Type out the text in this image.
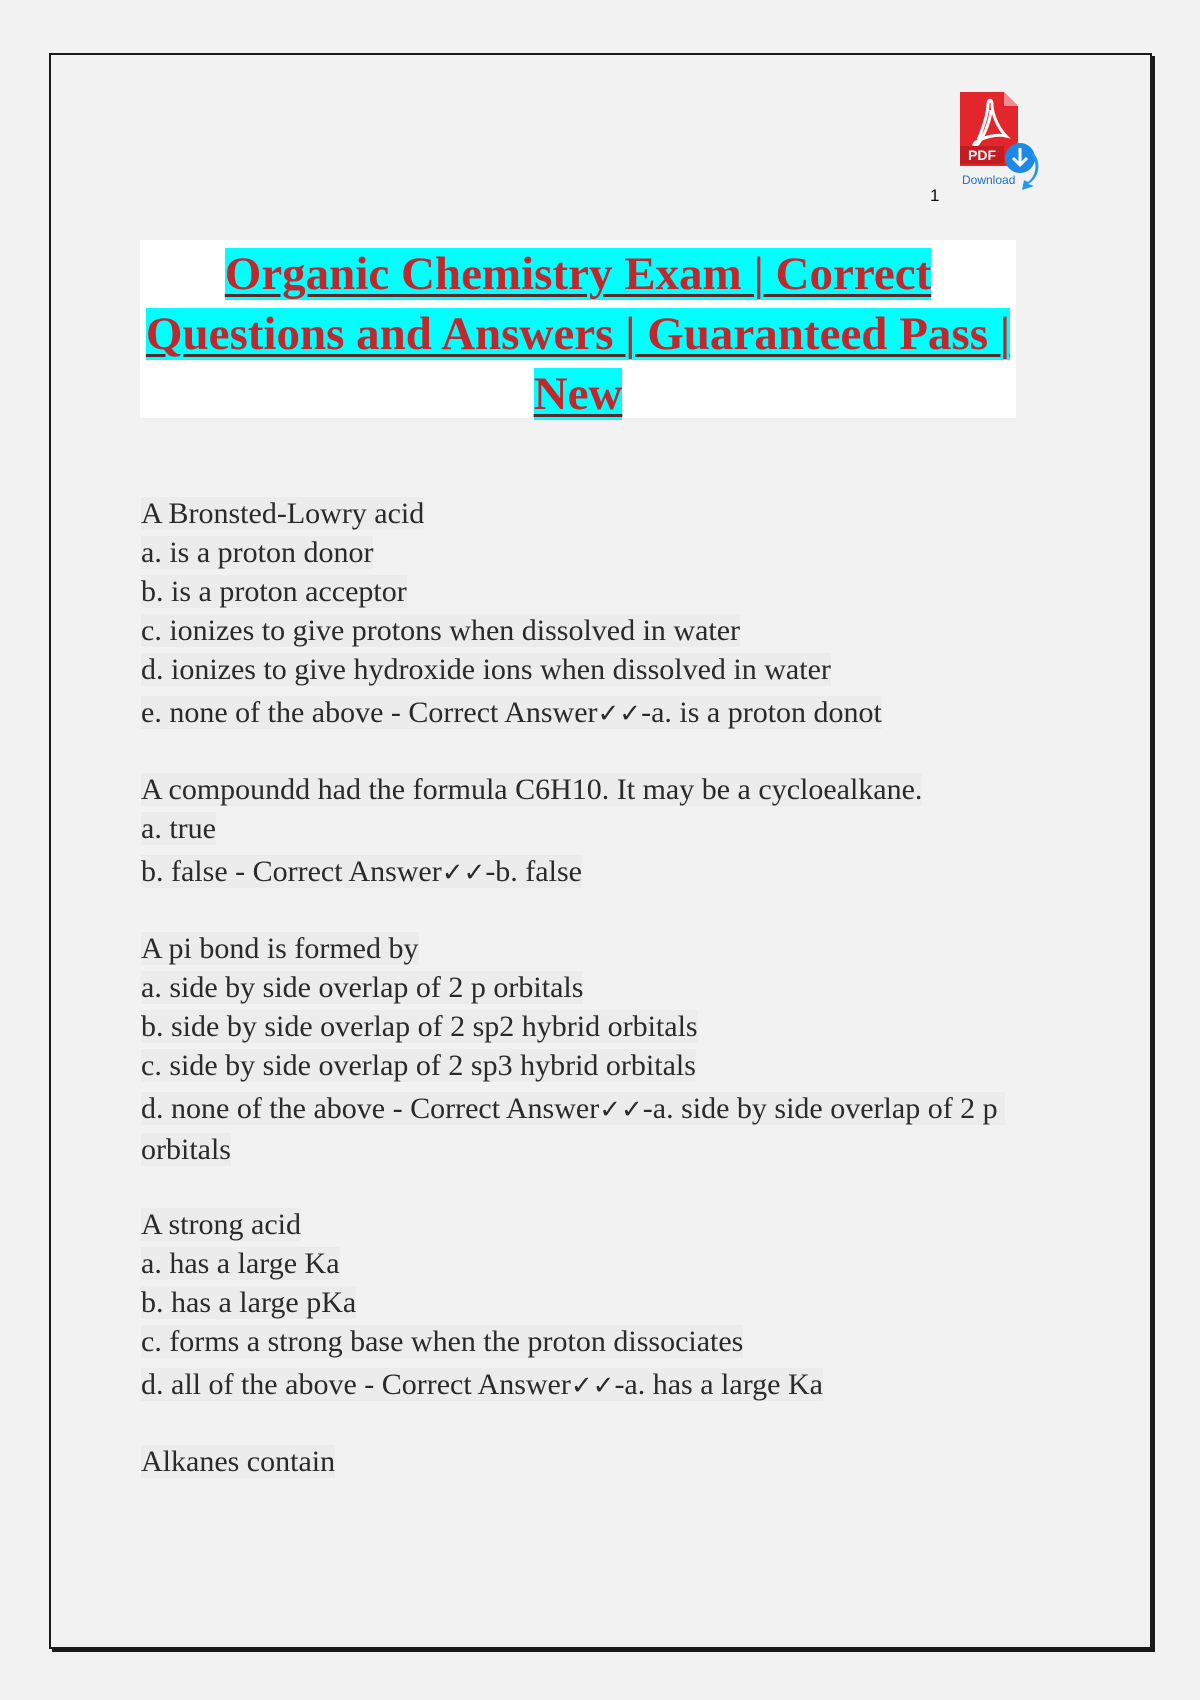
PDF
Download
1
Organic Chemistry Exam | Correct
Questions and Answers | Guaranteed Pass |
New
A Bronsted-Lowry acid
a. is a proton donor
b. is a proton acceptor
c. ionizes to give protons when dissolved in water
d. ionizes to give hydroxide ions when dissolved in water
e. none of the above - Correct Answer✓✓-a. is a proton donot
A compoundd had the formula C6H10. It may be a cycloealkane.
a. true
b. false - Correct Answer✓✓-b. false
A pi bond is formed by
a. side by side overlap of 2 p orbitals
b. side by side overlap of 2 sp2 hybrid orbitals
c. side by side overlap of 2 sp3 hybrid orbitals
d. none of the above - Correct Answer✓✓-a. side by side overlap of 2 p orbitals
A strong acid
a. has a large Ka
b. has a large pKa
c. forms a strong base when the proton dissociates
d. all of the above - Correct Answer✓✓-a. has a large Ka
Alkanes contain
